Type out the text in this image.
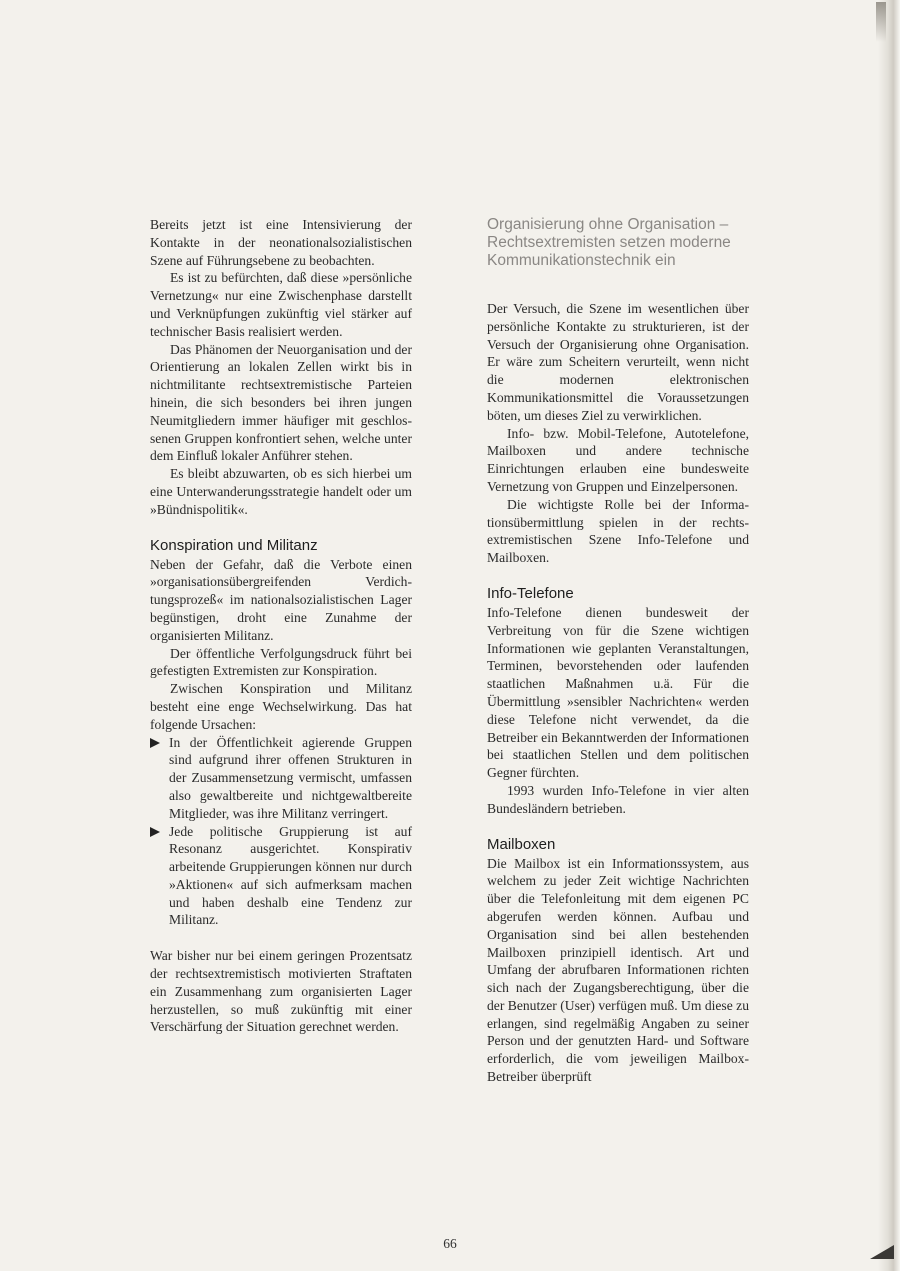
Bereits jetzt ist eine Intensivierung der Kontakte in der neonationalsozialistischen Szene auf Führungsebene zu beobachten.

Es ist zu befürchten, daß diese »persönliche Vernetzung« nur eine Zwischenphase darstellt und Verknüpfungen zukünftig viel stärker auf technischer Basis realisiert werden.

Das Phänomen der Neuorganisation und der Orientierung an lokalen Zellen wirkt bis in nichtmilitante rechtsextremistische Parteien hinein, die sich besonders bei ihren jungen Neumitgliedern immer häufiger mit geschlossenen Gruppen konfrontiert sehen, welche unter dem Einfluß lokaler Anführer stehen.

Es bleibt abzuwarten, ob es sich hierbei um eine Unterwanderungsstrategie handelt oder um »Bündnispolitik«.

Konspiration und Militanz

Neben der Gefahr, daß die Verbote einen »organisationsübergreifenden Verdichtungsprozeß« im nationalsozialistischen Lager begünstigen, droht eine Zunahme der organisierten Militanz.

Der öffentliche Verfolgungsdruck führt bei gefestigten Extremisten zur Konspiration.

Zwischen Konspiration und Militanz besteht eine enge Wechselwirkung. Das hat folgende Ursachen:

In der Öffentlichkeit agierende Gruppen sind aufgrund ihrer offenen Strukturen in der Zusammensetzung vermischt, umfassen also gewaltbereite und nichtgewaltbereite Mitglieder, was ihre Militanz verringert.
Jede politische Gruppierung ist auf Resonanz ausgerichtet. Konspirativ arbeitende Gruppierungen können nur durch »Aktionen« auf sich aufmerksam machen und haben deshalb eine Tendenz zur Militanz.

War bisher nur bei einem geringen Prozentsatz der rechtsextremistisch motivierten Straftaten ein Zusammenhang zum organisierten Lager herzustellen, so muß zukünftig mit einer Verschärfung der Situation gerechnet werden.

Organisierung ohne Organisation – Rechtsextremisten setzen moderne Kommunikationstechnik ein

Der Versuch, die Szene im wesentlichen über persönliche Kontakte zu strukturieren, ist der Versuch der Organisierung ohne Organisation. Er wäre zum Scheitern verurteilt, wenn nicht die modernen elektronischen Kommunikationsmittel die Voraussetzungen böten, um dieses Ziel zu verwirklichen.

Info- bzw. Mobil-Telefone, Autotelefone, Mailboxen und andere technische Einrichtungen erlauben eine bundesweite Vernetzung von Gruppen und Einzelpersonen.

Die wichtigste Rolle bei der Informationsübermittlung spielen in der rechtsextremistischen Szene Info-Telefone und Mailboxen.

Info-Telefone

Info-Telefone dienen bundesweit der Verbreitung von für die Szene wichtigen Informationen wie geplanten Veranstaltungen, Terminen, bevorstehenden oder laufenden staatlichen Maßnahmen u.ä. Für die Übermittlung »sensibler Nachrichten« werden diese Telefone nicht verwendet, da die Betreiber ein Bekanntwerden der Informationen bei staatlichen Stellen und dem politischen Gegner fürchten.

1993 wurden Info-Telefone in vier alten Bundesländern betrieben.

Mailboxen

Die Mailbox ist ein Informationssystem, aus welchem zu jeder Zeit wichtige Nachrichten über die Telefonleitung mit dem eigenen PC abgerufen werden können. Aufbau und Organisation sind bei allen bestehenden Mailboxen prinzipiell identisch. Art und Umfang der abrufbaren Informationen richten sich nach der Zugangsberechtigung, über die der Benutzer (User) verfügen muß. Um diese zu erlangen, sind regelmäßig Angaben zu seiner Person und der genutzten Hard- und Software erforderlich, die vom jeweiligen Mailbox-Betreiber überprüft

66
